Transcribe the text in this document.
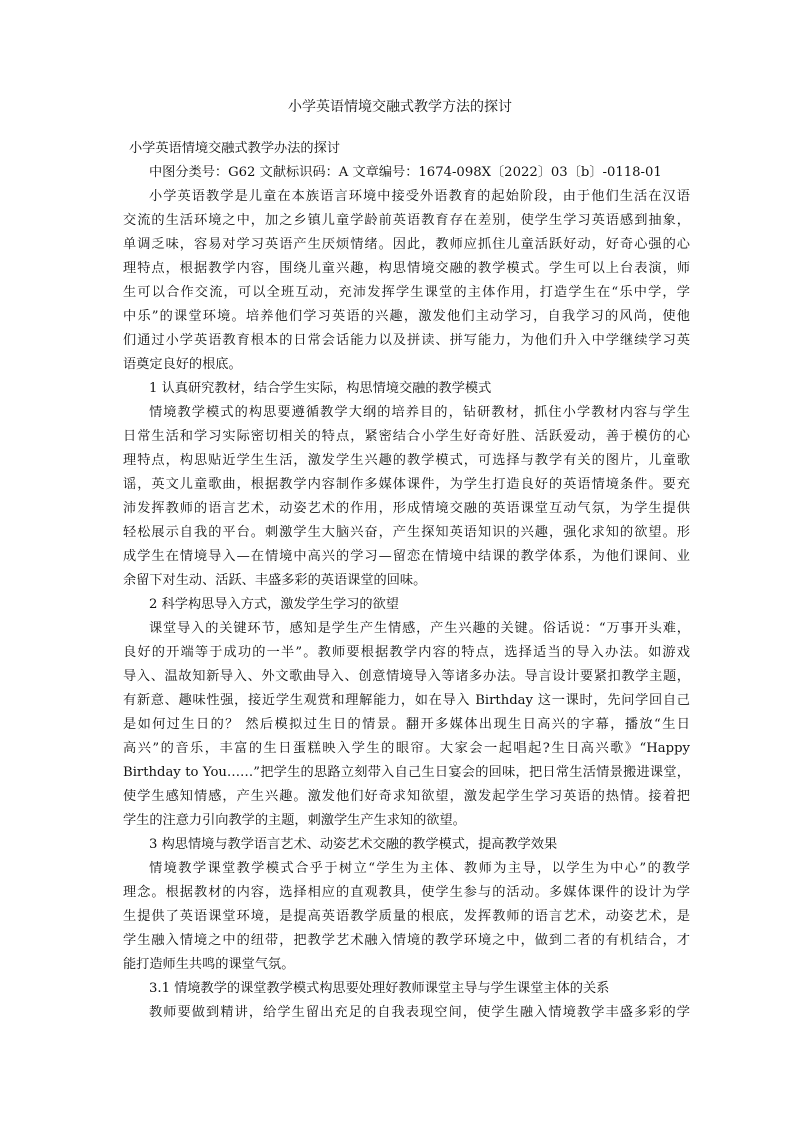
小学英语情境交融式教学方法的探讨
小学英语情境交融式教学办法的探讨
中图分类号：G62 文献标识码：A 文章编号：1674-098X〔2022〕03〔b〕-0118-01
小学英语教学是儿童在本族语言环境中接受外语教育的起始阶段，由于他们生活在汉语
交流的生活环境之中，加之乡镇儿童学龄前英语教育存在差别，使学生学习英语感到抽象，
单调乏味，容易对学习英语产生厌烦情绪。因此，教师应抓住儿童活跃好动，好奇心强的心
理特点，根据教学内容，围绕儿童兴趣，构思情境交融的教学模式。学生可以上台表演，师
生可以合作交流，可以全班互动，充沛发挥学生课堂的主体作用，打造学生在“乐中学，学
中乐”的课堂环境。培养他们学习英语的兴趣，激发他们主动学习，自我学习的风尚，使他
们通过小学英语教育根本的日常会话能力以及拼读、拼写能力，为他们升入中学继续学习英
语奠定良好的根底。
1 认真研究教材，结合学生实际，构思情境交融的教学模式
情境教学模式的构思要遵循教学大纲的培养目的，钻研教材，抓住小学教材内容与学生
日常生活和学习实际密切相关的特点，紧密结合小学生好奇好胜、活跃爱动，善于模仿的心
理特点，构思贴近学生生活，激发学生兴趣的教学模式，可选择与教学有关的图片，儿童歌
谣，英文儿童歌曲，根据教学内容制作多媒体课件，为学生打造良好的英语情境条件。要充
沛发挥教师的语言艺术，动姿艺术的作用，形成情境交融的英语课堂互动气氛，为学生提供
轻松展示自我的平台。刺激学生大脑兴奋，产生探知英语知识的兴趣，强化求知的欲望。形
成学生在情境导入—在情境中高兴的学习—留恋在情境中结课的教学体系，为他们课间、业
余留下对生动、活跃、丰盛多彩的英语课堂的回味。
2 科学构思导入方式，激发学生学习的欲望
课堂导入的关键环节，感知是学生产生情感，产生兴趣的关键。俗话说：“万事开头难，
良好的开端等于成功的一半”。教师要根据教学内容的特点，选择适当的导入办法。如游戏
导入、温故知新导入、外文歌曲导入、创意情境导入等诸多办法。导言设计要紧扣教学主题，
有新意、趣味性强，接近学生观赏和理解能力，如在导入 Birthday 这一课时，先问学回自己
是如何过生日的？ 然后模拟过生日的情景。翻开多媒体出现生日高兴的字幕，播放“生日
高兴”的音乐，丰富的生日蛋糕映入学生的眼帘。大家会一起唱起?生日高兴歌》“Happy
Birthday to You……”把学生的思路立刻带入自己生日宴会的回味，把日常生活情景搬进课堂，
使学生感知情感，产生兴趣。激发他们好奇求知欲望，激发起学生学习英语的热情。接着把
学生的注意力引向教学的主题，刺激学生产生求知的欲望。
3 构思情境与教学语言艺术、动姿艺术交融的教学模式，提高教学效果
情境教学课堂教学模式合乎于树立“学生为主体、教师为主导，以学生为中心”的教学
理念。根据教材的内容，选择相应的直观教具，使学生参与的活动。多媒体课件的设计为学
生提供了英语课堂环境，是提高英语教学质量的根底，发挥教师的语言艺术，动姿艺术，是
学生融入情境之中的纽带，把教学艺术融入情境的教学环境之中，做到二者的有机结合，才
能打造师生共鸣的课堂气氛。
3.1 情境教学的课堂教学模式构思要处理好教师课堂主导与学生课堂主体的关系
教师要做到精讲，给学生留出充足的自我表现空间，使学生融入情境教学丰盛多彩的学
